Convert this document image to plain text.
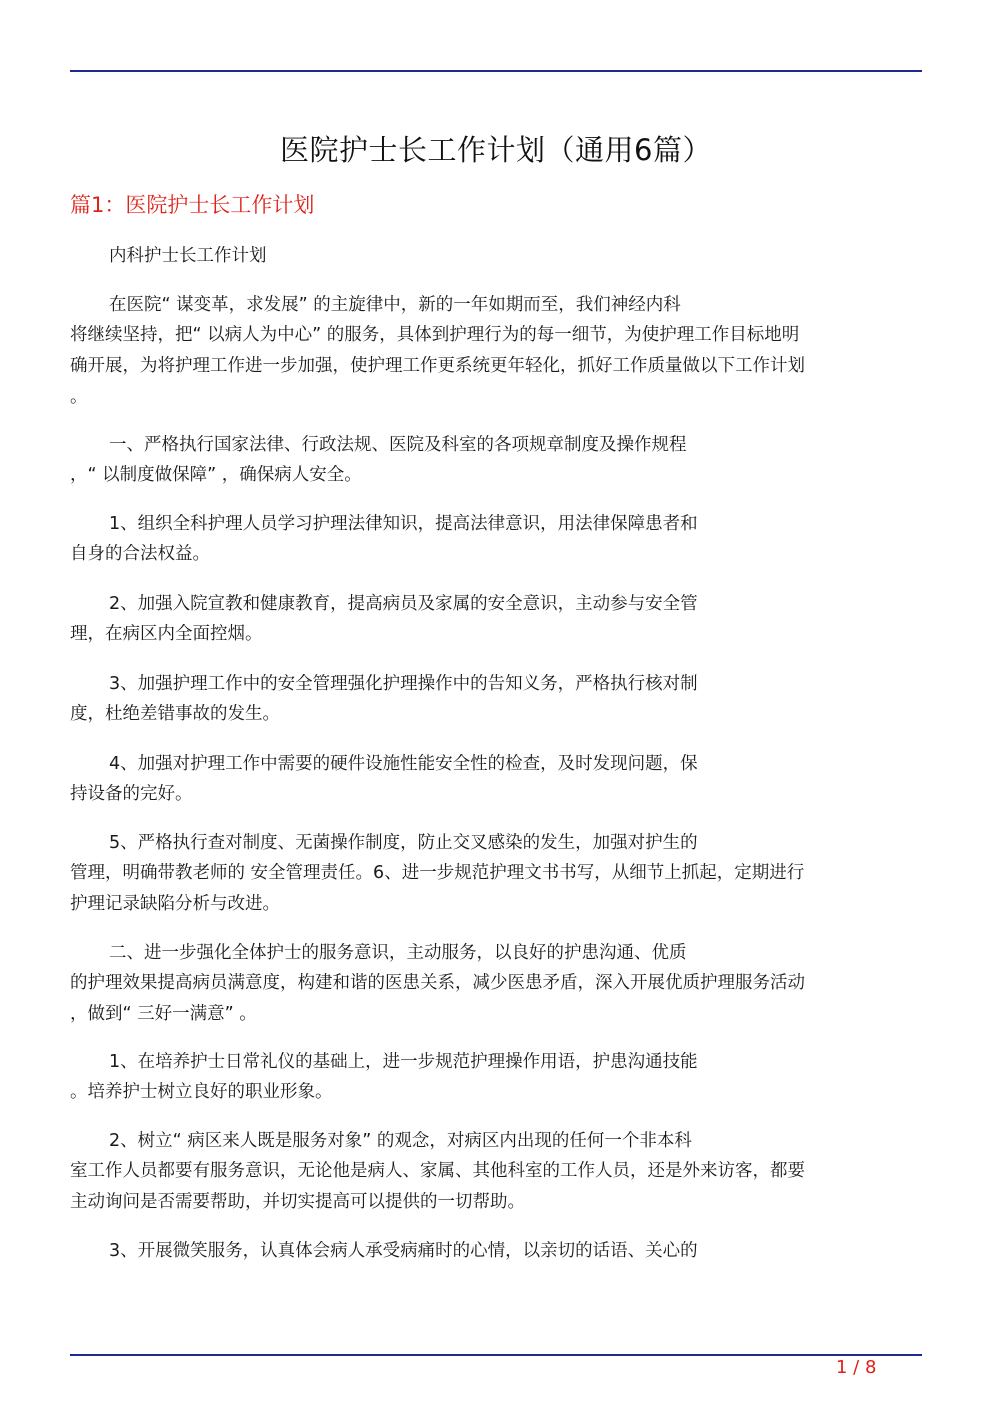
医院护士长工作计划（通用6篇）
篇1：医院护士长工作计划
内科护士长工作计划
在医院“ 谋变革，求发展” 的主旋律中，新的一年如期而至，我们神经内科
将继续坚持，把“ 以病人为中心” 的服务，具体到护理行为的每一细节，为使护理工作目标地明
确开展，为将护理工作进一步加强，使护理工作更系统更年轻化，抓好工作质量做以下工作计划
。
一、严格执行国家法律、行政法规、医院及科室的各项规章制度及操作规程
，“ 以制度做保障” ，确保病人安全。
1、组织全科护理人员学习护理法律知识，提高法律意识，用法律保障患者和
自身的合法权益。
2、加强入院宣教和健康教育，提高病员及家属的安全意识，主动参与安全管
理，在病区内全面控烟。
3、加强护理工作中的安全管理强化护理操作中的告知义务，严格执行核对制
度，杜绝差错事故的发生。
4、加强对护理工作中需要的硬件设施性能安全性的检查，及时发现问题，保
持设备的完好。
5、严格执行查对制度、无菌操作制度，防止交叉感染的发生，加强对护生的
管理，明确带教老师的 安全管理责任。6、进一步规范护理文书书写，从细节上抓起，定期进行
护理记录缺陷分析与改进。
二、进一步强化全体护士的服务意识，主动服务，以良好的护患沟通、优质
的护理效果提高病员满意度，构建和谐的医患关系，减少医患矛盾，深入开展优质护理服务活动
，做到“ 三好一满意” 。
1、在培养护士日常礼仪的基础上，进一步规范护理操作用语，护患沟通技能
。培养护士树立良好的职业形象。
2、树立“ 病区来人既是服务对象” 的观念，对病区内出现的任何一个非本科
室工作人员都要有服务意识，无论他是病人、家属、其他科室的工作人员，还是外来访客，都要
主动询问是否需要帮助，并切实提高可以提供的一切帮助。
3、开展微笑服务，认真体会病人承受病痛时的心情，以亲切的话语、关心的
1 / 8
